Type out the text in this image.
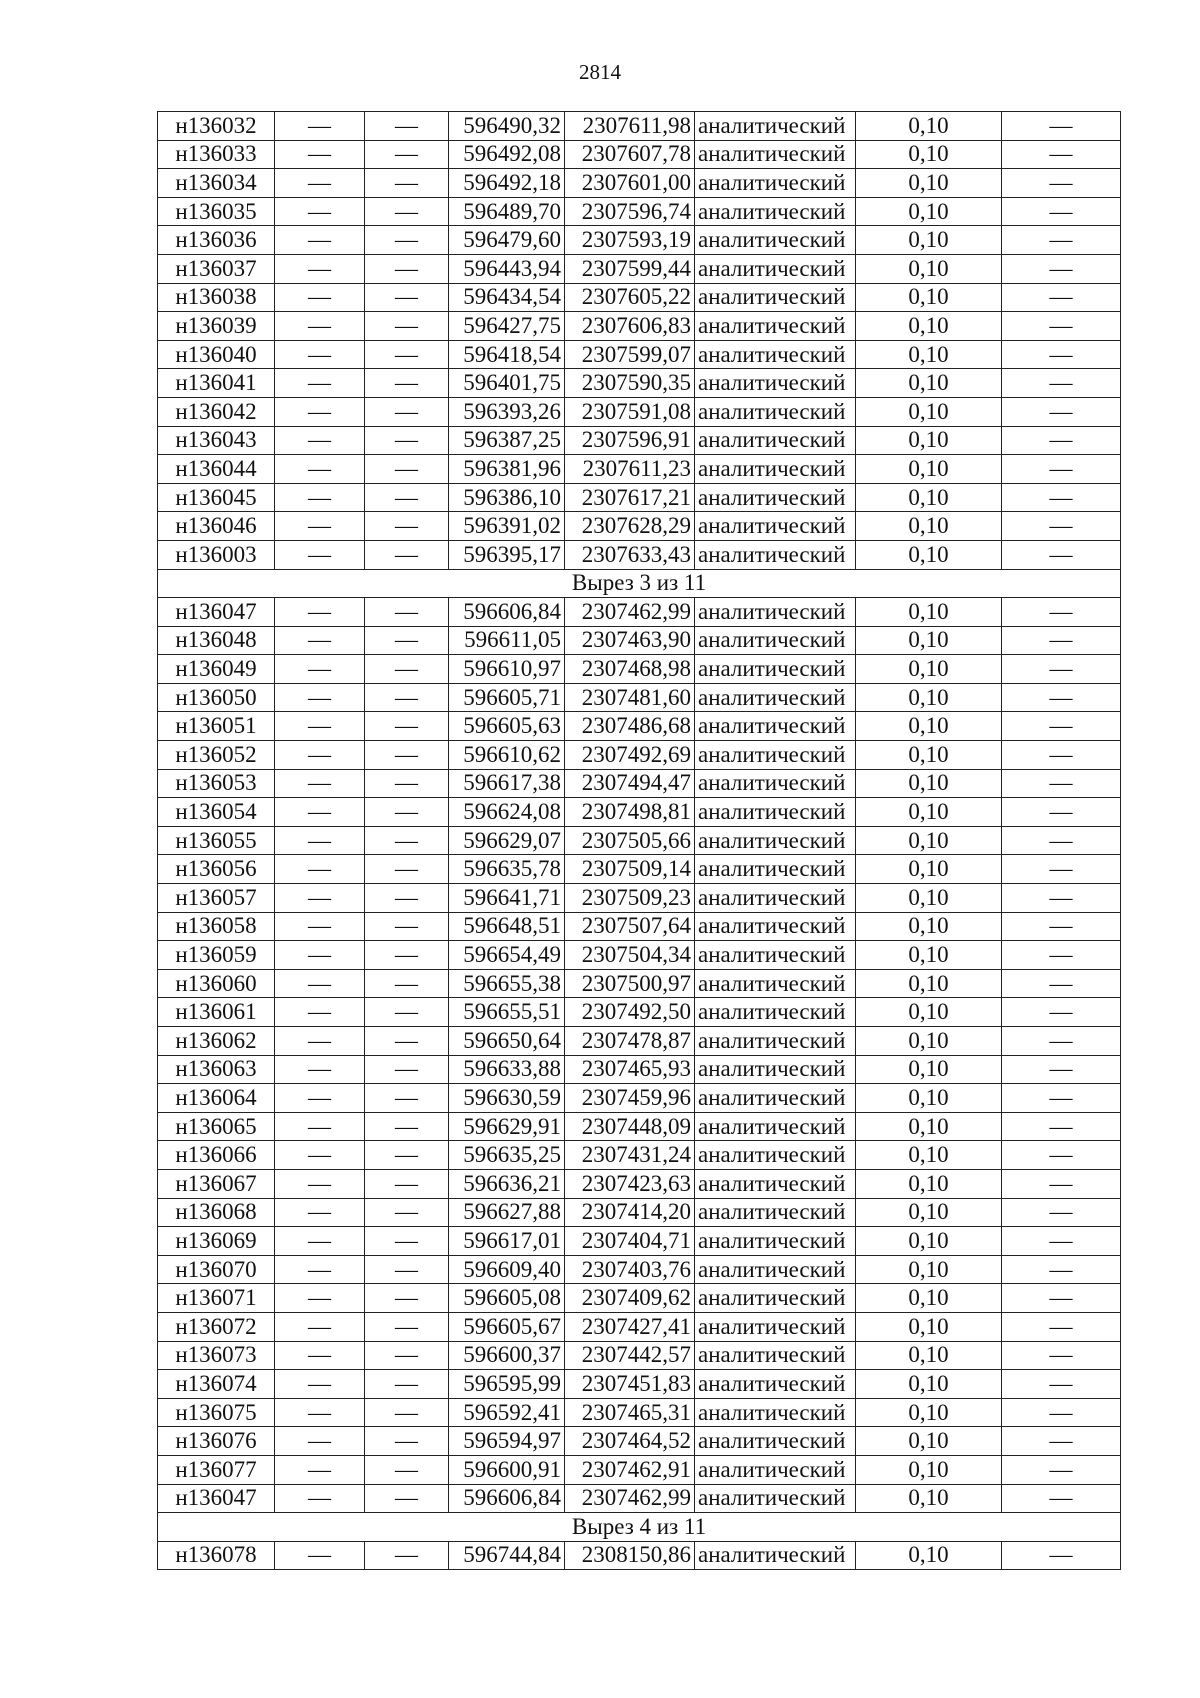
2814
н136032	—	—	596490,32	2307611,98	аналитический	0,10	—
н136033	—	—	596492,08	2307607,78	аналитический	0,10	—
н136034	—	—	596492,18	2307601,00	аналитический	0,10	—
н136035	—	—	596489,70	2307596,74	аналитический	0,10	—
н136036	—	—	596479,60	2307593,19	аналитический	0,10	—
н136037	—	—	596443,94	2307599,44	аналитический	0,10	—
н136038	—	—	596434,54	2307605,22	аналитический	0,10	—
н136039	—	—	596427,75	2307606,83	аналитический	0,10	—
н136040	—	—	596418,54	2307599,07	аналитический	0,10	—
н136041	—	—	596401,75	2307590,35	аналитический	0,10	—
н136042	—	—	596393,26	2307591,08	аналитический	0,10	—
н136043	—	—	596387,25	2307596,91	аналитический	0,10	—
н136044	—	—	596381,96	2307611,23	аналитический	0,10	—
н136045	—	—	596386,10	2307617,21	аналитический	0,10	—
н136046	—	—	596391,02	2307628,29	аналитический	0,10	—
н136003	—	—	596395,17	2307633,43	аналитический	0,10	—
Вырез 3 из 11							
н136047	—	—	596606,84	2307462,99	аналитический	0,10	—
н136048	—	—	596611,05	2307463,90	аналитический	0,10	—
н136049	—	—	596610,97	2307468,98	аналитический	0,10	—
н136050	—	—	596605,71	2307481,60	аналитический	0,10	—
н136051	—	—	596605,63	2307486,68	аналитический	0,10	—
н136052	—	—	596610,62	2307492,69	аналитический	0,10	—
н136053	—	—	596617,38	2307494,47	аналитический	0,10	—
н136054	—	—	596624,08	2307498,81	аналитический	0,10	—
н136055	—	—	596629,07	2307505,66	аналитический	0,10	—
н136056	—	—	596635,78	2307509,14	аналитический	0,10	—
н136057	—	—	596641,71	2307509,23	аналитический	0,10	—
н136058	—	—	596648,51	2307507,64	аналитический	0,10	—
н136059	—	—	596654,49	2307504,34	аналитический	0,10	—
н136060	—	—	596655,38	2307500,97	аналитический	0,10	—
н136061	—	—	596655,51	2307492,50	аналитический	0,10	—
н136062	—	—	596650,64	2307478,87	аналитический	0,10	—
н136063	—	—	596633,88	2307465,93	аналитический	0,10	—
н136064	—	—	596630,59	2307459,96	аналитический	0,10	—
н136065	—	—	596629,91	2307448,09	аналитический	0,10	—
н136066	—	—	596635,25	2307431,24	аналитический	0,10	—
н136067	—	—	596636,21	2307423,63	аналитический	0,10	—
н136068	—	—	596627,88	2307414,20	аналитический	0,10	—
н136069	—	—	596617,01	2307404,71	аналитический	0,10	—
н136070	—	—	596609,40	2307403,76	аналитический	0,10	—
н136071	—	—	596605,08	2307409,62	аналитический	0,10	—
н136072	—	—	596605,67	2307427,41	аналитический	0,10	—
н136073	—	—	596600,37	2307442,57	аналитический	0,10	—
н136074	—	—	596595,99	2307451,83	аналитический	0,10	—
н136075	—	—	596592,41	2307465,31	аналитический	0,10	—
н136076	—	—	596594,97	2307464,52	аналитический	0,10	—
н136077	—	—	596600,91	2307462,91	аналитический	0,10	—
н136047	—	—	596606,84	2307462,99	аналитический	0,10	—
Вырез 4 из 11							
н136078	—	—	596744,84	2308150,86	аналитический	0,10	—
